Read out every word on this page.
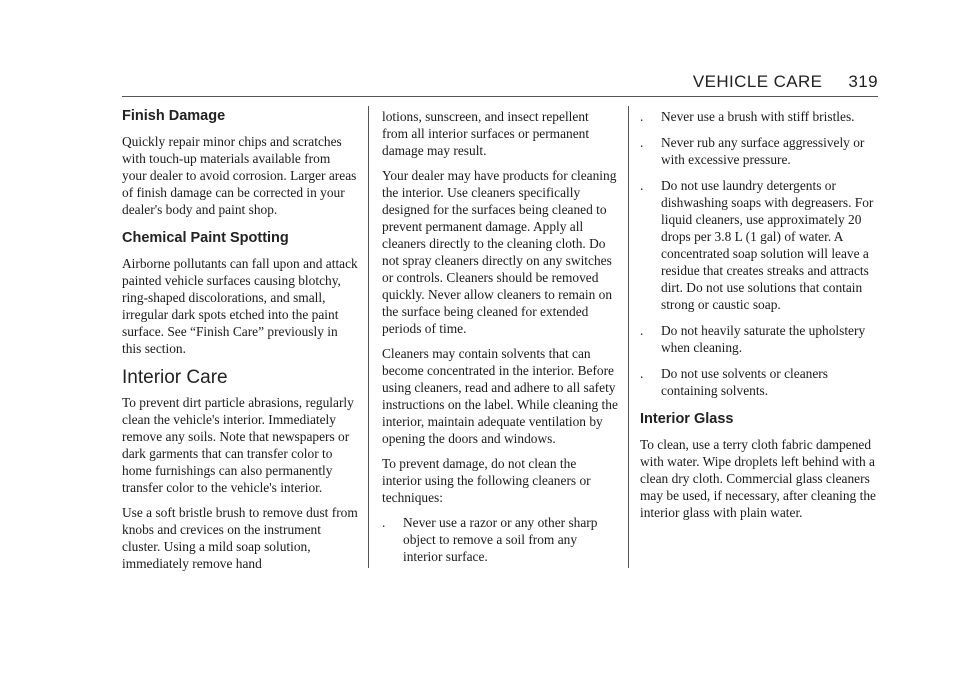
VEHICLE CARE 319
Finish Damage

Quickly repair minor chips and scratches with touch-up materials available from your dealer to avoid corrosion. Larger areas of finish damage can be corrected in your dealer's body and paint shop.

Chemical Paint Spotting

Airborne pollutants can fall upon and attack painted vehicle surfaces causing blotchy, ring-shaped discolorations, and small, irregular dark spots etched into the paint surface. See “Finish Care” previously in this section.

Interior Care

To prevent dirt particle abrasions, regularly clean the vehicle's interior. Immediately remove any soils. Note that newspapers or dark garments that can transfer color to home furnishings can also permanently transfer color to the vehicle's interior.

Use a soft bristle brush to remove dust from knobs and crevices on the instrument cluster. Using a mild soap solution, immediately remove hand

lotions, sunscreen, and insect repellent from all interior surfaces or permanent damage may result.

Your dealer may have products for cleaning the interior. Use cleaners specifically designed for the surfaces being cleaned to prevent permanent damage. Apply all cleaners directly to the cleaning cloth. Do not spray cleaners directly on any switches or controls. Cleaners should be removed quickly. Never allow cleaners to remain on the surface being cleaned for extended periods of time.

Cleaners may contain solvents that can become concentrated in the interior. Before using cleaners, read and adhere to all safety instructions on the label. While cleaning the interior, maintain adequate ventilation by opening the doors and windows.

To prevent damage, do not clean the interior using the following cleaners or techniques:

. Never use a razor or any other sharp object to remove a soil from any interior surface.
. Never use a brush with stiff bristles.
. Never rub any surface aggressively or with excessive pressure.
. Do not use laundry detergents or dishwashing soaps with degreasers. For liquid cleaners, use approximately 20 drops per 3.8 L (1 gal) of water. A concentrated soap solution will leave a residue that creates streaks and attracts dirt. Do not use solutions that contain strong or caustic soap.
. Do not heavily saturate the upholstery when cleaning.
. Do not use solvents or cleaners containing solvents.
Interior Glass

To clean, use a terry cloth fabric dampened with water. Wipe droplets left behind with a clean dry cloth. Commercial glass cleaners may be used, if necessary, after cleaning the interior glass with plain water.
